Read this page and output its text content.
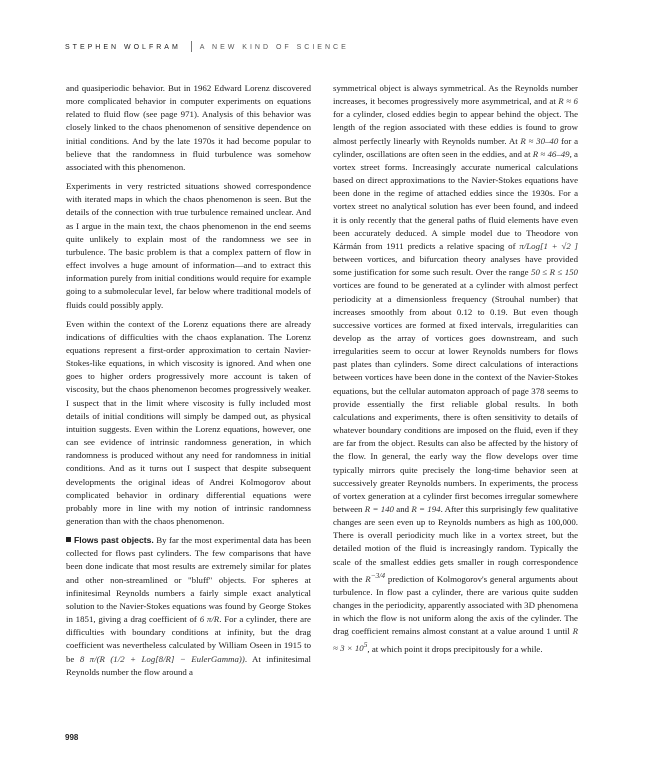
STEPHEN WOLFRAM	A NEW KIND OF SCIENCE

and quasiperiodic behavior. But in 1962 Edward Lorenz discovered more complicated behavior in computer experiments on equations related to fluid flow (see page 971). Analysis of this behavior was closely linked to the chaos phenomenon of sensitive dependence on initial conditions. And by the late 1970s it had become popular to believe that the randomness in fluid turbulence was somehow associated with this phenomenon.

Experiments in very restricted situations showed correspondence with iterated maps in which the chaos phenomenon is seen. But the details of the connection with true turbulence remained unclear. And as I argue in the main text, the chaos phenomenon in the end seems quite unlikely to explain most of the randomness we see in turbulence. The basic problem is that a complex pattern of flow in effect involves a huge amount of information—and to extract this information purely from initial conditions would require for example going to a submolecular level, far below where traditional models of fluids could possibly apply.

Even within the context of the Lorenz equations there are already indications of difficulties with the chaos explanation. The Lorenz equations represent a first-order approximation to certain Navier-Stokes-like equations, in which viscosity is ignored. And when one goes to higher orders progressively more account is taken of viscosity, but the chaos phenomenon becomes progressively weaker. I suspect that in the limit where viscosity is fully included most details of initial conditions will simply be damped out, as physical intuition suggests. Even within the Lorenz equations, however, one can see evidence of intrinsic randomness generation, in which randomness is produced without any need for randomness in initial conditions. And as it turns out I suspect that despite subsequent developments the original ideas of Andrei Kolmogorov about complicated behavior in ordinary differential equations were probably more in line with my notion of intrinsic randomness generation than with the chaos phenomenon.

Flows past objects. By far the most experimental data has been collected for flows past cylinders. The few comparisons that have been done indicate that most results are extremely similar for plates and other non-streamlined or "bluff" objects. For spheres at infinitesimal Reynolds numbers a fairly simple exact analytical solution to the Navier-Stokes equations was found by George Stokes in 1851, giving a drag coefficient of 6 π/R. For a cylinder, there are difficulties with boundary conditions at infinity, but the drag coefficient was nevertheless calculated by William Oseen in 1915 to be 8 π/(R (1/2 + Log[8/R] − EulerGamma)). At infinitesimal Reynolds number the flow around a

symmetrical object is always symmetrical. As the Reynolds number increases, it becomes progressively more asymmetrical, and at R ≈ 6 for a cylinder, closed eddies begin to appear behind the object. The length of the region associated with these eddies is found to grow almost perfectly linearly with Reynolds number. At R ≈ 30–40 for a cylinder, oscillations are often seen in the eddies, and at R ≈ 46–49, a vortex street forms. Increasingly accurate numerical calculations based on direct approximations to the Navier-Stokes equations have been done in the regime of attached eddies since the 1930s. For a vortex street no analytical solution has ever been found, and indeed it is only recently that the general paths of fluid elements have even been accurately deduced. A simple model due to Theodore von Kármán from 1911 predicts a relative spacing of π/Log[1 + √2 ] between vortices, and bifurcation theory analyses have provided some justification for some such result. Over the range 50 ≤ R ≤ 150 vortices are found to be generated at a cylinder with almost perfect periodicity at a dimensionless frequency (Strouhal number) that increases smoothly from about 0.12 to 0.19. But even though successive vortices are formed at fixed intervals, irregularities can develop as the array of vortices goes downstream, and such irregularities seem to occur at lower Reynolds numbers for flows past plates than cylinders. Some direct calculations of interactions between vortices have been done in the context of the Navier-Stokes equations, but the cellular automaton approach of page 378 seems to provide essentially the first reliable global results. In both calculations and experiments, there is often sensitivity to details of whatever boundary conditions are imposed on the fluid, even if they are far from the object. Results can also be affected by the history of the flow. In general, the early way the flow develops over time typically mirrors quite precisely the long-time behavior seen at successively greater Reynolds numbers. In experiments, the process of vortex generation at a cylinder first becomes irregular somewhere between R = 140 and R = 194. After this surprisingly few qualitative changes are seen even up to Reynolds numbers as high as 100,000. There is overall periodicity much like in a vortex street, but the detailed motion of the fluid is increasingly random. Typically the scale of the smallest eddies gets smaller in rough correspondence with the $R^{-3/4}$ prediction of Kolmogorov's general arguments about turbulence. In flow past a cylinder, there are various quite sudden changes in the periodicity, apparently associated with 3D phenomena in which the flow is not uniform along the axis of the cylinder. The drag coefficient remains almost constant at a value around 1 until $R \approx 3 \times 10^5$, at which point it drops precipitously for a while.

998
